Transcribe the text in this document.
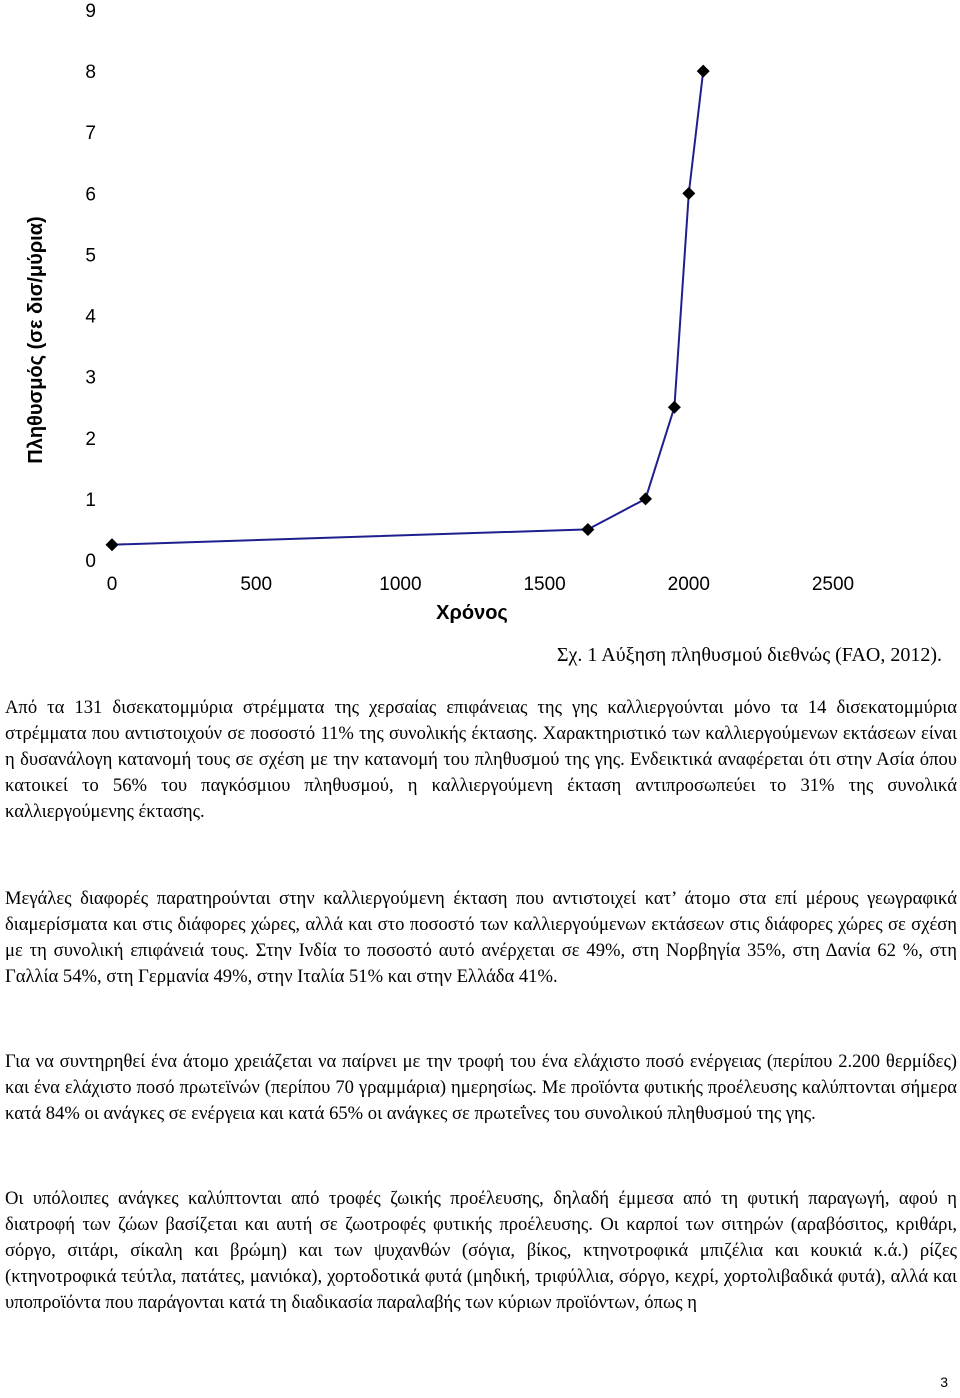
0
1
2
3
4
5
6
7
8
9
0	500	1000	1500	2000	2500
Πληθυσμός (σε δισ/μύρια)
Χρόνος
Σχ. 1 Αύξηση πληθυσμού διεθνώς (FAO, 2012).

Από τα 131 δισεκατομμύρια στρέμματα της χερσαίας επιφάνειας της γης καλλιεργούνται μόνο τα 14 δισεκατομμύρια στρέμματα που αντιστοιχούν σε ποσοστό 11% της συνολικής έκτασης. Χαρακτηριστικό των καλλιεργούμενων εκτάσεων είναι η δυσανάλογη κατανομή τους σε σχέση με την κατανομή του πληθυσμού της γης. Ενδεικτικά αναφέρεται ότι στην Ασία όπου κατοικεί το 56% του παγκόσμιου πληθυσμού, η καλλιεργούμενη έκταση αντιπροσωπεύει το 31% της συνολικά καλλιεργούμενης έκτασης.

Μεγάλες διαφορές παρατηρούνται στην καλλιεργούμενη έκταση που αντιστοιχεί κατ’ άτομο στα επί μέρους γεωγραφικά διαμερίσματα και στις διάφορες χώρες, αλλά και στο ποσοστό των καλλιεργούμενων εκτάσεων στις διάφορες χώρες σε σχέση με τη συνολική επιφάνειά τους. Στην Ινδία το ποσοστό αυτό ανέρχεται σε 49%, στη Νορβηγία 35%, στη Δανία 62 %, στη Γαλλία 54%, στη Γερμανία 49%, στην Ιταλία 51% και στην Ελλάδα 41%.

Για να συντηρηθεί ένα άτομο χρειάζεται να παίρνει με την τροφή του ένα ελάχιστο ποσό ενέργειας (περίπου 2.200 θερμίδες) και ένα ελάχιστο ποσό πρωτεϊνών (περίπου 70 γραμμάρια) ημερησίως. Με προϊόντα φυτικής προέλευσης καλύπτονται σήμερα κατά 84% οι ανάγκες σε ενέργεια και κατά 65% οι ανάγκες σε πρωτεΐνες του συνολικού πληθυσμού της γης.

Οι υπόλοιπες ανάγκες καλύπτονται από τροφές ζωικής προέλευσης, δηλαδή έμμεσα από τη φυτική παραγωγή, αφού η διατροφή των ζώων βασίζεται και αυτή σε ζωοτροφές φυτικής προέλευσης. Οι καρποί των σιτηρών (αραβόσιτος, κριθάρι, σόργο, σιτάρι, σίκαλη και βρώμη) και των ψυχανθών (σόγια, βίκος, κτηνοτροφικά μπιζέλια και κουκιά κ.ά.) ρίζες (κτηνοτροφικά τεύτλα, πατάτες, μανιόκα), χορτοδοτικά φυτά (μηδική, τριφύλλια, σόργο, κεχρί, χορτολιβαδικά φυτά), αλλά και υποπροϊόντα που παράγονται κατά τη διαδικασία παραλαβής των κύριων προϊόντων, όπως η

3
